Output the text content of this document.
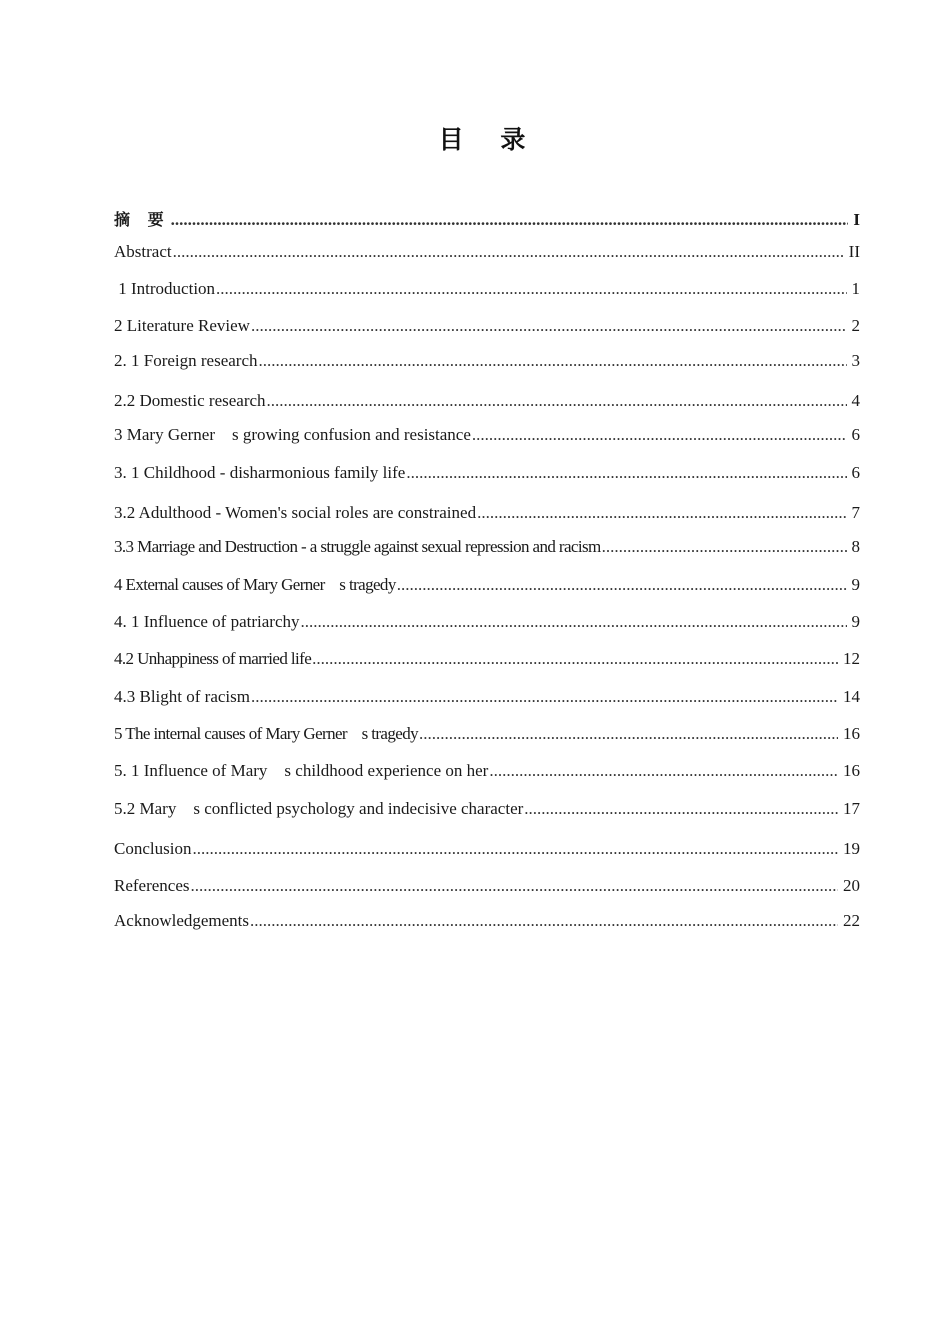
目 录
摘 要 .....	I
Abstract .....	II
1 Introduction .....	1
2 Literature Review .....	2
2. 1 Foreign research .....	3
2.2 Domestic research .....	4
3 Mary Gerner    s growing confusion and resistance .....	6
3. 1 Childhood - disharmonious family life .....	6
3.2 Adulthood - Women's social roles are constrained .....	7
3.3 Marriage and Destruction - a struggle against sexual repression and racism .....	8
4 External causes of Mary Gerner    s tragedy .....	9
4. 1 Influence of patriarchy .....	9
4.2 Unhappiness of married life .....	12
4.3 Blight of racism .....	14
5 The internal causes of Mary Gerner    s tragedy .....	16
5. 1 Influence of Mary    s childhood experience on her .....	16
5.2 Mary    s conflicted psychology and indecisive character .....	17
Conclusion .....	19
References .....	20
Acknowledgements .....	22
